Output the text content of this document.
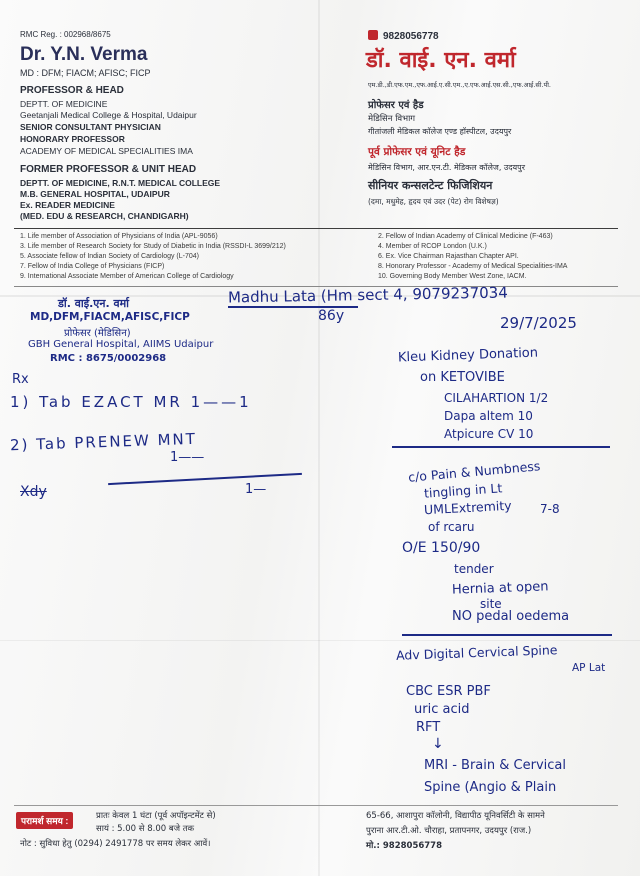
RMC Reg. : 002968/8675
Dr. Y.N. Verma
MD : DFM; FIACM; AFISC; FICP
PROFESSOR & HEAD
DEPTT. OF MEDICINE
Geetanjali Medical College & Hospital, Udaipur
SENIOR CONSULTANT PHYSICIAN
HONORARY PROFESSOR
ACADEMY OF MEDICAL SPECIALITIES IMA
FORMER PROFESSOR & UNIT HEAD
DEPTT. OF MEDICINE, R.N.T. MEDICAL COLLEGE
M.B. GENERAL HOSPITAL, UDAIPUR
Ex. READER MEDICINE
(MED. EDU & RESEARCH, CHANDIGARH)
9828056778
डॉ. वाई. एन. वर्मा
एम.डी.,डी.एफ.एम.,एफ.आई.ए.सी.एम.,ए.एफ.आई.एस.सी.,एफ.आई.सी.पी.
प्रोफेसर एवं हैड
मेडिसिन विभाग
गीतांजली मेडिकल कॉलेज एण्ड हॉस्पीटल, उदयपुर
पूर्व प्रोफेसर एवं यूनिट हैड
मेडिसिन विभाग, आर.एन.टी. मेडिकल कॉलेज, उदयपुर
सीनियर कन्सलटेन्ट फिजिशियन
(दमा, मधुमेह, हृदय एवं उदर (पेट) रोग विशेषज्ञ)
1. Life member of Association of Physicians of India (APL-9056)
3. Life member of Research Society for Study of Diabetic in India (RSSDI-L 3699/212)
5. Associate fellow of Indian Society of Cardiology (L-704)
7. Fellow of India College of Physicians (FICP)
9. International Associate Member of American College of Cardiology
2. Fellow of Indian Academy of Clinical Medicine (F-463)
4. Member of RCOP London (U.K.)
6. Ex. Vice Chairman Rajasthan Chapter API.
8. Honorary Professor - Academy of Medical Specialities-IMA
10. Governing Body Member West Zone, IACM.
डॉ. वाई.एन. वर्मा
MD,DFM,FIACM,AFISC,FICP
प्रोफेसर (मेडिसिन)
GBH General Hospital, AIIMS Udaipur
RMC : 8675/0002968
Madhu Lata (Hm sect 4, 9079237034
86y	29/7/2025
Rx
1) Tab EZACT MR 1——1
2) Tab PRENEW MNT
1——
1—
Xdy
Kleu Kidney Donation
on KETOVIBE
CILAHARTION 1/2
Dapa altem 10
Atpicure CV 10
c/o Pain & Numbness
tingling in Lt
UMLExtremity 7-8
of rcaru
O/E 150/90
tender
Hernia at open
site
NO pedal oedema
Adv Digital Cervical Spine
AP Lat
CBC ESR PBF
uric acid
RFT
↓
MRI - Brain & Cervical
Spine (Angio & Plain
परामर्श समय :	प्रातः केवल 1 घंटा (पूर्व अपॉइन्टमेंट से)
सायं : 5.00 से 8.00 बजे तक
नोट : सुविधा हेतु (0294) 2491778 पर समय लेकर आवें।
65-66, आशापुरा कॉलोनी, विद्यापीठ यूनिवर्सिटी के सामने
पुराना आर.टी.ओ. चौराहा, प्रतापनगर, उदयपुर (राज.)
मो.: 9828056778
